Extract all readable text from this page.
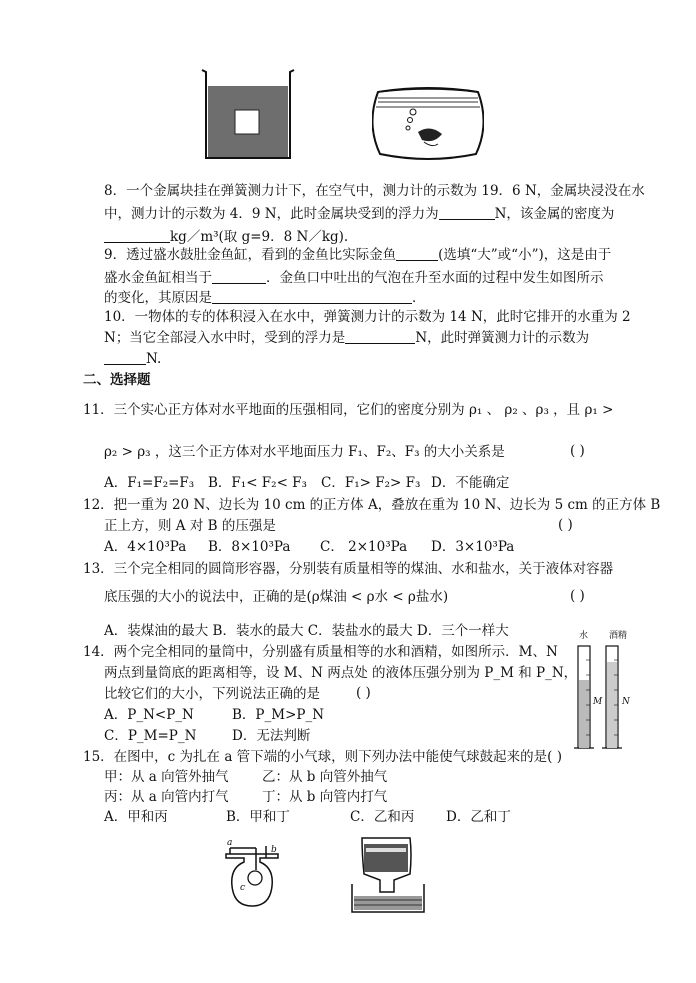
8．一个金属块挂在弹簧测力计下，在空气中，测力计的示数为 19．6 N，金属块浸没在水
中，测力计的示数为 4．9 N，此时金属块受到的浮力为	N，该金属的密度为
kg／m³(取 g=9．8 N／kg).
9．透过盛水鼓肚金鱼缸，看到的金鱼比实际金鱼	(选填“大”或“小”)，这是由于
盛水金鱼缸相当于	．金鱼口中吐出的气泡在升至水面的过程中发生如图所示
的变化，其原因是	．
10．一物体的专的体积浸入在水中，弹簧测力计的示数为 14 N，此时它排开的水重为 2
N；当它全部浸入水中时，受到的浮力是	N，此时弹簧测力计的示数为
N.
二、选择题
11．三个实心正方体对水平地面的压强相同，它们的密度分别为 ρ₁ 、 ρ₂ 、ρ₃ ，且 ρ₁ >
ρ₂ > ρ₃ ，这三个正方体对水平地面压力 F₁、F₂、F₃ 的大小关系是	( )
A．F₁=F₂=F₃ B．F₁< F₂< F₃ C．F₁> F₂> F₃ D．不能确定
12．把一重为 20 N、边长为 10 cm 的正方体 A，叠放在重为 10 N、边长为 5 cm 的正方体 B
正上方，则 A 对 B 的压强是	( )
A．4×10³Pa B．8×10³Pa C． 2×10³Pa D．3×10³Pa
13．三个完全相同的圆筒形容器，分别装有质量相等的煤油、水和盐水，关于液体对容器
底压强的大小的说法中，正确的是(ρ煤油 < ρ水 < ρ盐水)	( )
A．装煤油的最大 B．装水的最大 C．装盐水的最大 D．三个一样大
14．两个完全相同的量筒中，分别盛有质量相等的水和酒精，如图所示．M、N
两点到量筒底的距离相等，设 M、N 两点处 的液体压强分别为 P_M 和 P_N，
比较它们的大小，下列说法正确的是	( )
A．P_N<P_N	B．P_M>P_N
C．P_M=P_N	D．无法判断
水 酒精
M N
15．在图中，c 为扎在 a 管下端的小气球，则下列办法中能使气球鼓起来的是( )
甲：从 a 向管外抽气 乙：从 b 向管外抽气
丙：从 a 向管内打气 丁：从 b 向管内打气
A．甲和丙	B．甲和丁	C．乙和丙 D．乙和丁
a
b
c
